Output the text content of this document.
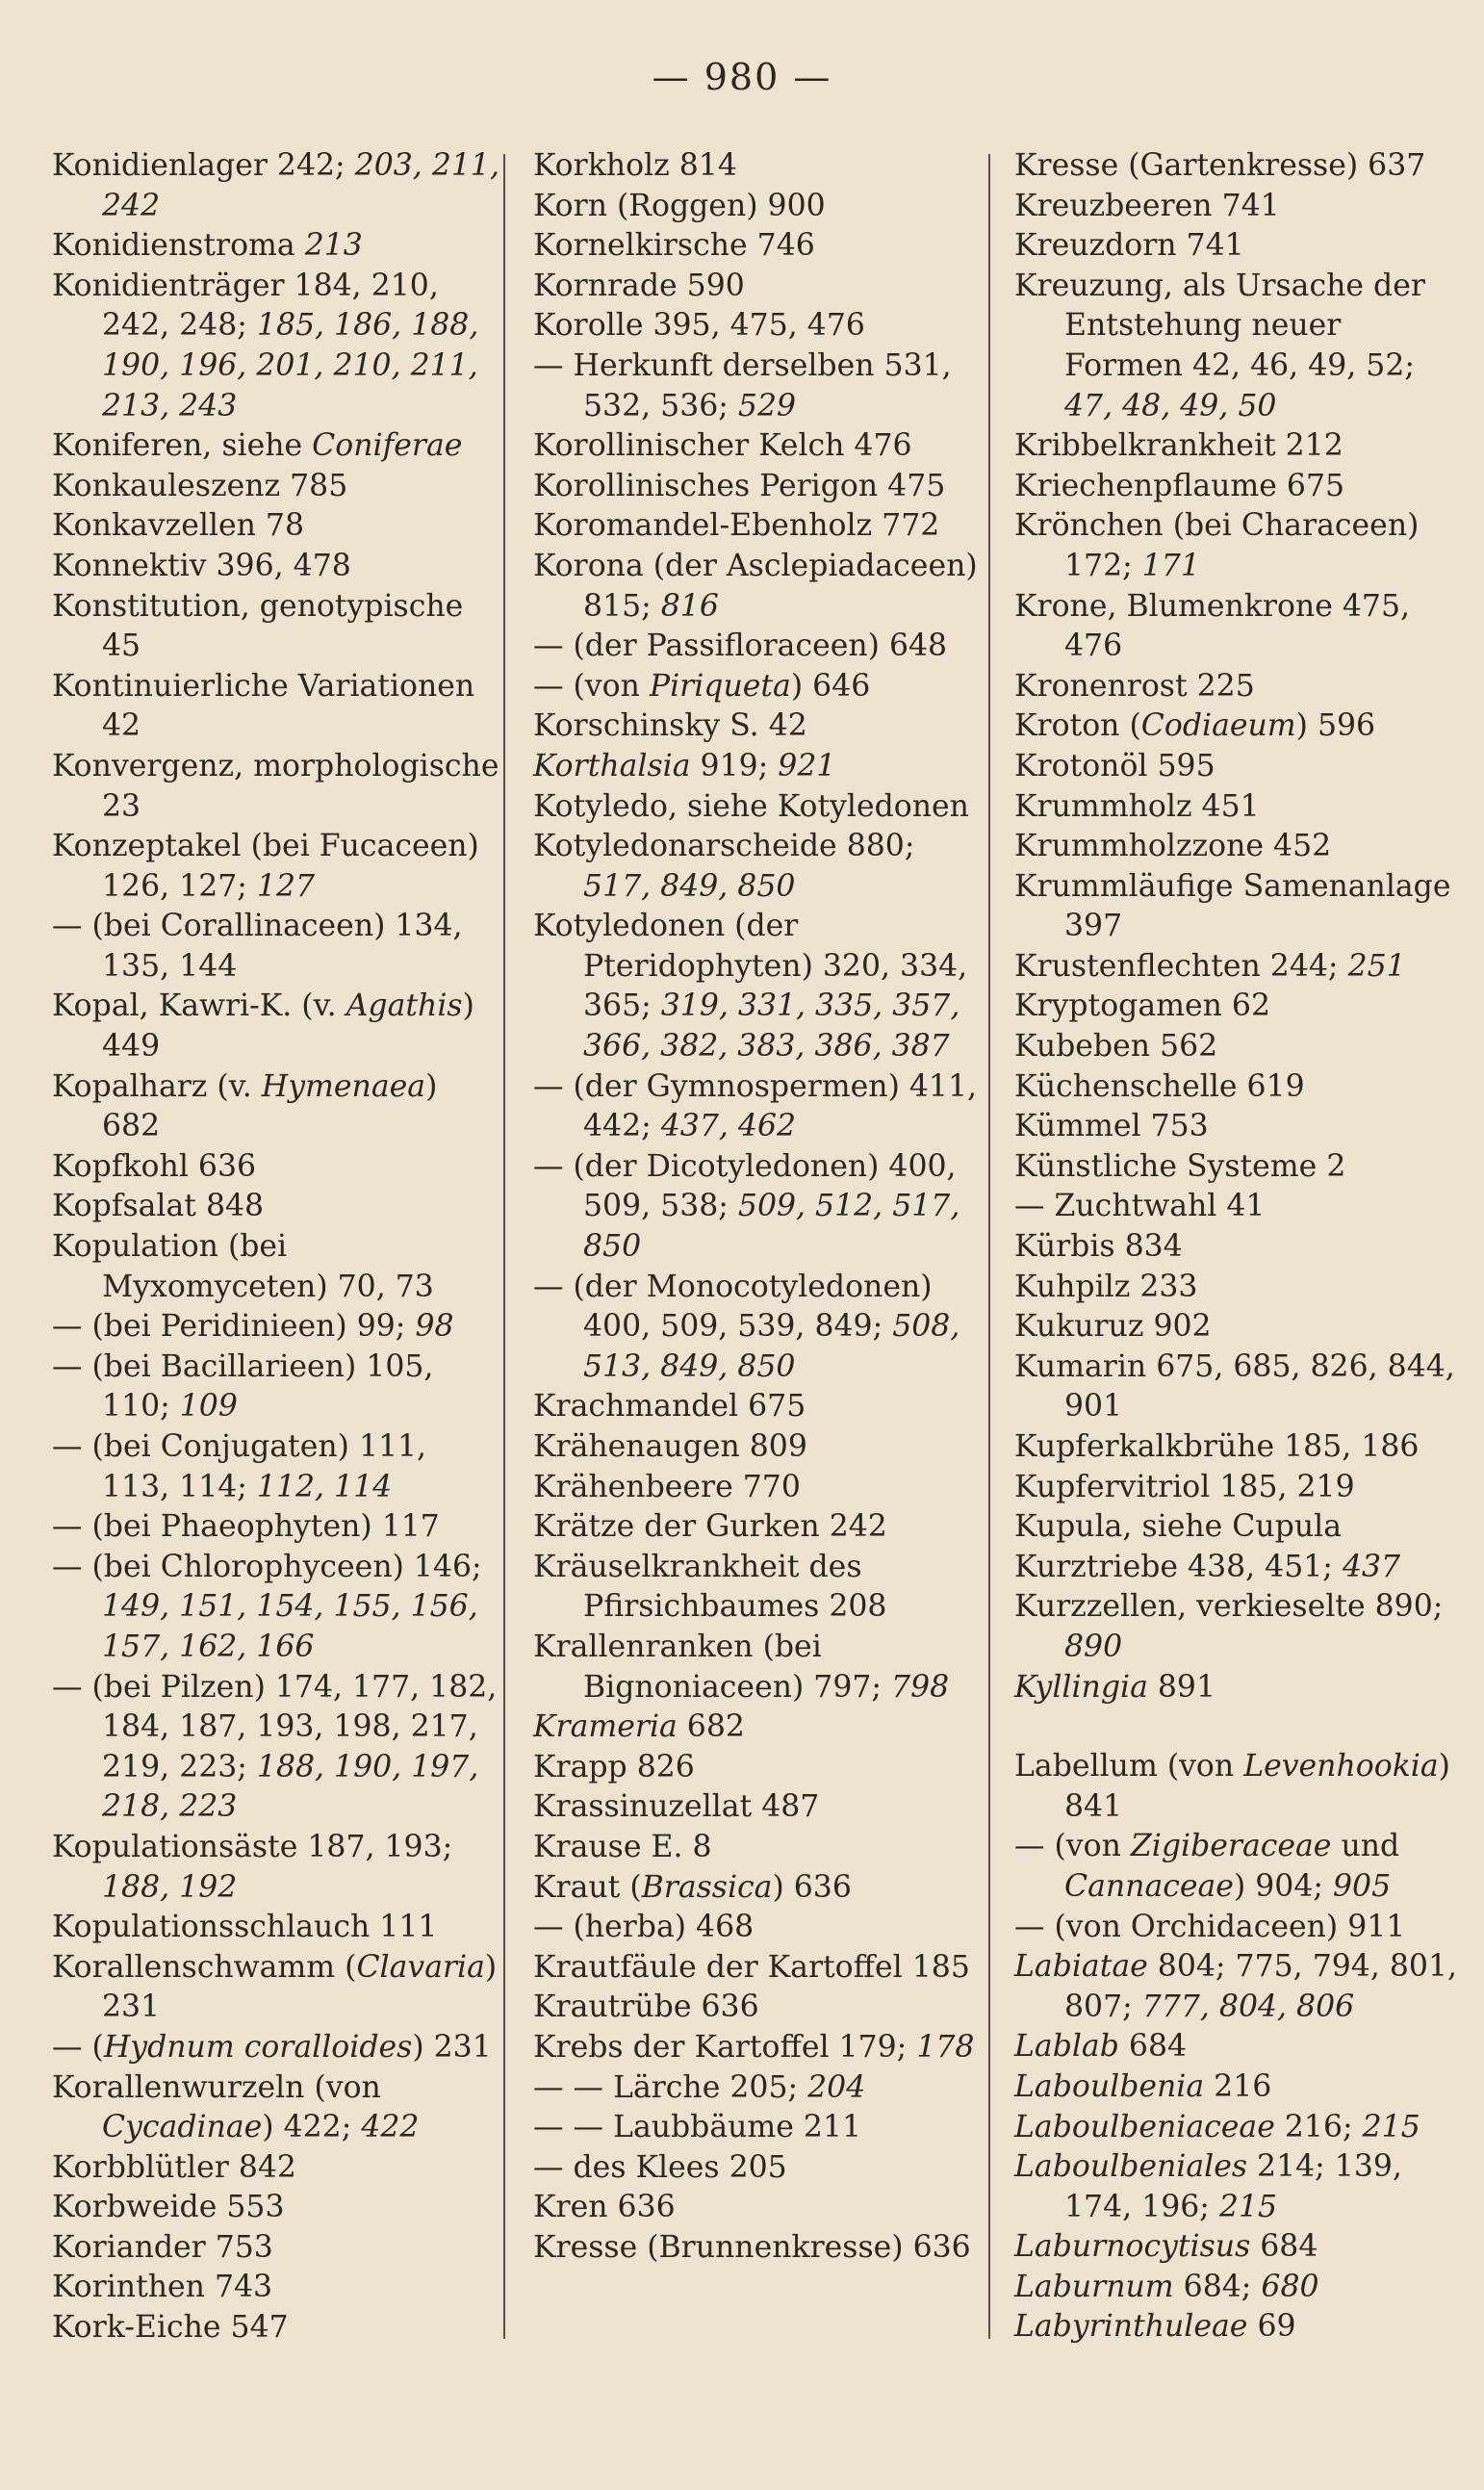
— 980 —

Konidienlager 242; 203, 211, 242

Konidienstroma 213

Konidienträger 184, 210, 242, 248; 185, 186, 188, 190, 196, 201, 210, 211, 213, 243

Koniferen, siehe Coniferae

Konkauleszenz 785

Konkavzellen 78

Konnektiv 396, 478

Konstitution, genotypische 45

Kontinuierliche Variationen 42

Konvergenz, morphologische 23

Konzeptakel (bei Fucaceen) 126, 127; 127

— (bei Corallinaceen) 134, 135, 144

Kopal, Kawri-K. (v. Agathis) 449

Kopalharz (v. Hymenaea) 682

Kopfkohl 636

Kopfsalat 848

Kopulation (bei Myxomyceten) 70, 73

— (bei Peridinieen) 99; 98

— (bei Bacillarieen) 105, 110; 109

— (bei Conjugaten) 111, 113, 114; 112, 114

— (bei Phaeophyten) 117

— (bei Chlorophyceen) 146; 149, 151, 154, 155, 156, 157, 162, 166

— (bei Pilzen) 174, 177, 182, 184, 187, 193, 198, 217, 219, 223; 188, 190, 197, 218, 223

Kopulationsäste 187, 193; 188, 192

Kopulationsschlauch 111

Korallenschwamm (Clavaria) 231

— (Hydnum coralloides) 231

Korallenwurzeln (von Cycadinae) 422; 422

Korbblütler 842

Korbweide 553

Koriander 753

Korinthen 743

Kork-Eiche 547

Korkholz 814

Korn (Roggen) 900

Kornelkirsche 746

Kornrade 590

Korolle 395, 475, 476

— Herkunft derselben 531, 532, 536; 529

Korollinischer Kelch 476

Korollinisches Perigon 475

Koromandel-Ebenholz 772

Korona (der Asclepiadaceen) 815; 816

— (der Passifloraceen) 648

— (von Piriqueta) 646

Korschinsky S. 42

Korthalsia 919; 921

Kotyledo, siehe Kotyledonen

Kotyledonarscheide 880; 517, 849, 850

Kotyledonen (der Pteridophyten) 320, 334, 365; 319, 331, 335, 357, 366, 382, 383, 386, 387

— (der Gymnospermen) 411, 442; 437, 462

— (der Dicotyledonen) 400, 509, 538; 509, 512, 517, 850

— (der Monocotyledonen) 400, 509, 539, 849; 508, 513, 849, 850

Krachmandel 675

Krähenaugen 809

Krähenbeere 770

Krätze der Gurken 242

Kräuselkrankheit des Pfirsichbaumes 208

Krallenranken (bei Bignoniaceen) 797; 798

Krameria 682

Krapp 826

Krassinuzellat 487

Krause E. 8

Kraut (Brassica) 636

— (herba) 468

Krautfäule der Kartoffel 185

Krautrübe 636

Krebs der Kartoffel 179; 178

— — Lärche 205; 204

— — Laubbäume 211

— des Klees 205

Kren 636

Kresse (Brunnenkresse) 636

Kresse (Gartenkresse) 637

Kreuzbeeren 741

Kreuzdorn 741

Kreuzung, als Ursache der Entstehung neuer Formen 42, 46, 49, 52; 47, 48, 49, 50

Kribbelkrankheit 212

Kriechenpflaume 675

Krönchen (bei Characeen) 172; 171

Krone, Blumenkrone 475, 476

Kronenrost 225

Kroton (Codiaeum) 596

Krotonöl 595

Krummholz 451

Krummholzzone 452

Krummläufige Samenanlage 397

Krustenflechten 244; 251

Kryptogamen 62

Kubeben 562

Küchenschelle 619

Kümmel 753

Künstliche Systeme 2

— Zuchtwahl 41

Kürbis 834

Kuhpilz 233

Kukuruz 902

Kumarin 675, 685, 826, 844, 901

Kupferkalkbrühe 185, 186

Kupfervitriol 185, 219

Kupula, siehe Cupula

Kurztriebe 438, 451; 437

Kurzzellen, verkieselte 890; 890

Kyllingia 891

Labellum (von Levenhookia) 841

— (von Zigiberaceae und Cannaceae) 904; 905

— (von Orchidaceen) 911

Labiatae 804; 775, 794, 801, 807; 777, 804, 806

Lablab 684

Laboulbenia 216

Laboulbeniaceae 216; 215

Laboulbeniales 214; 139, 174, 196; 215

Laburnocytisus 684

Laburnum 684; 680

Labyrinthuleae 69
